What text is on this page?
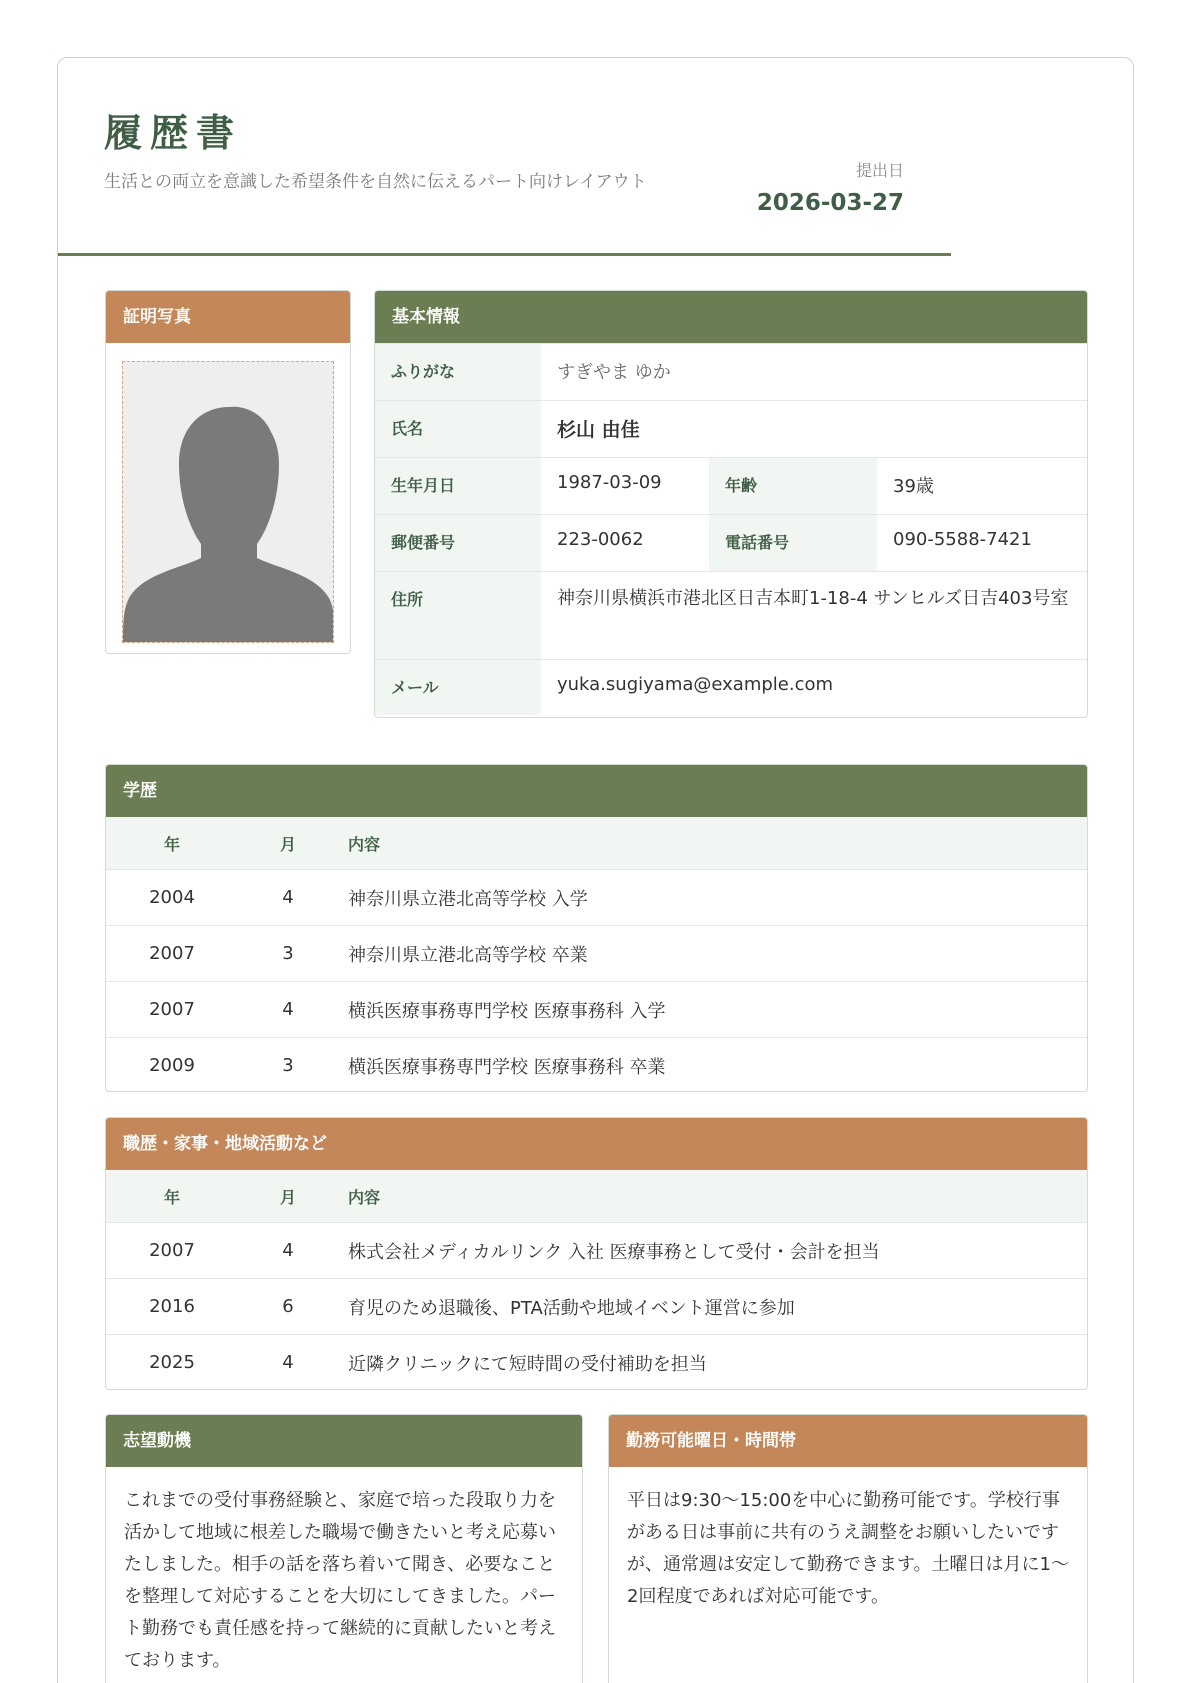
履歴書
生活との両立を意識した希望条件を自然に伝えるパート向けレイアウト
提出日
2026-03-27
証明写真	基本情報
ふりがな	すぎやま ゆか
氏名	杉山 由佳
生年月日	1987-03-09	年齢	39歳
郵便番号	223-0062	電話番号	090-5588-7421
住所	神奈川県横浜市港北区日吉本町1-18-4 サンヒルズ日吉403号室
メール	yuka.sugiyama@example.com
学歴
年	月	内容
2004	4	神奈川県立港北高等学校 入学
2007	3	神奈川県立港北高等学校 卒業
2007	4	横浜医療事務専門学校 医療事務科 入学
2009	3	横浜医療事務専門学校 医療事務科 卒業
職歴・家事・地域活動など
年	月	内容
2007	4	株式会社メディカルリンク 入社 医療事務として受付・会計を担当
2016	6	育児のため退職後、PTA活動や地域イベント運営に参加
2025	4	近隣クリニックにて短時間の受付補助を担当
志望動機
これまでの受付事務経験と、家庭で培った段取り力を活かして地域に根差した職場で働きたいと考え応募いたしました。相手の話を落ち着いて聞き、必要なことを整理して対応することを大切にしてきました。パート勤務でも責任感を持って継続的に貢献したいと考えております。
勤務可能曜日・時間帯
平日は9:30〜15:00を中心に勤務可能です。学校行事がある日は事前に共有のうえ調整をお願いしたいですが、通常週は安定して勤務できます。土曜日は月に1〜2回程度であれば対応可能です。
